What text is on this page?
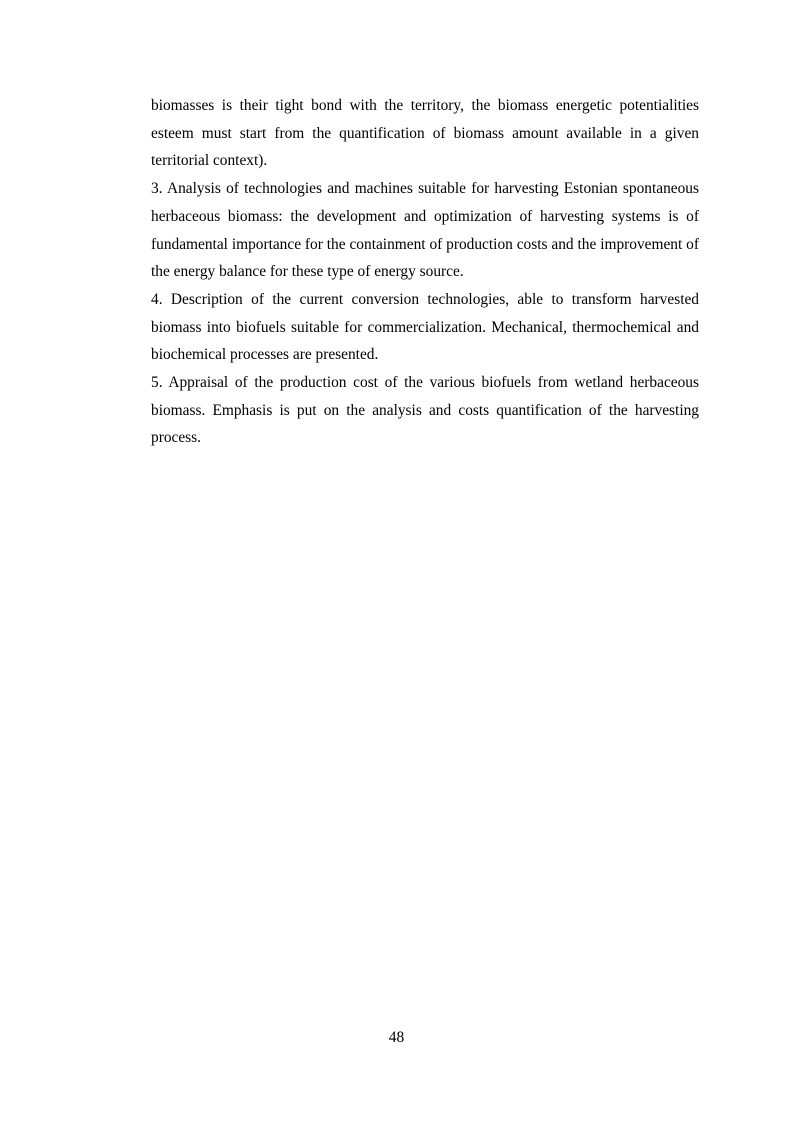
biomasses is their tight bond with the territory, the biomass energetic potentialities esteem must start from the quantification of biomass amount available in a given territorial context).

3. Analysis of technologies and machines suitable for harvesting Estonian spontaneous herbaceous biomass: the development and optimization of harvesting systems is of fundamental importance for the containment of production costs and the improvement of the energy balance for these type of energy source.

4. Description of the current conversion technologies, able to transform harvested biomass into biofuels suitable for commercialization. Mechanical, thermochemical and biochemical processes are presented.

5. Appraisal of the production cost of the various biofuels from wetland herbaceous biomass. Emphasis is put on the analysis and costs quantification of the harvesting process.

48
